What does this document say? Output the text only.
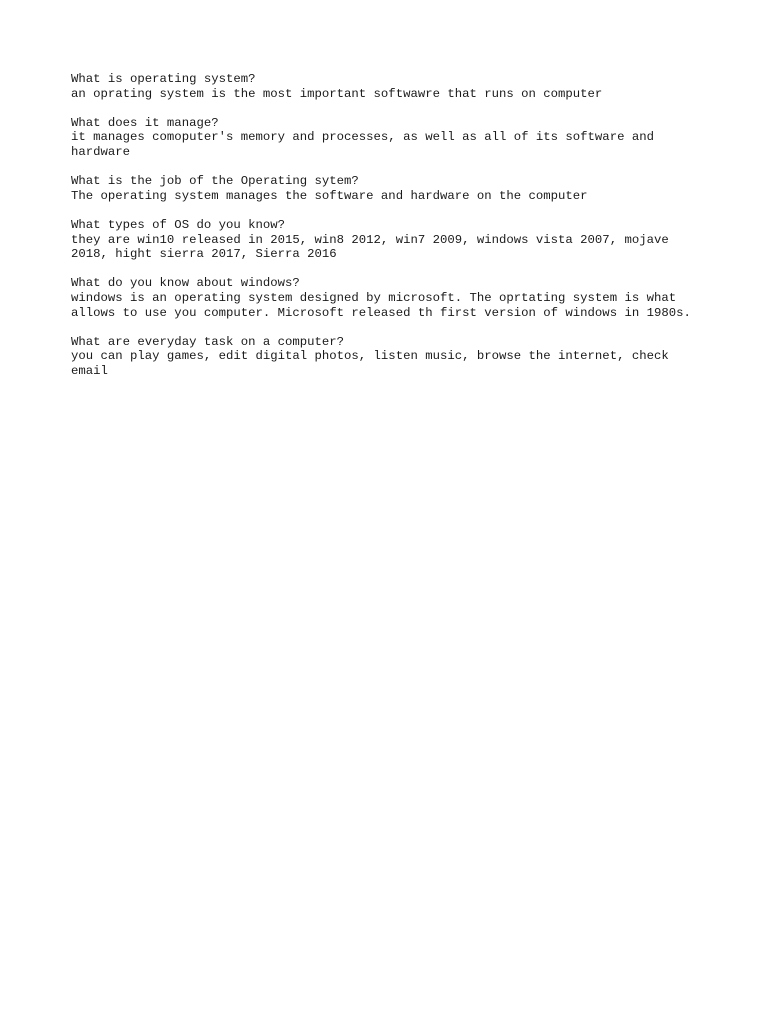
What is operating system?
an oprating system is the most important softwawre that runs on computer
What does it manage?
it manages comoputer's memory and processes, as well as all of its software and hardware
What is the job of the Operating sytem?
The operating system manages the software and hardware on the computer
What types of OS do you know?
they are win10 released in 2015, win8 2012, win7 2009, windows vista 2007, mojave 2018, hight sierra 2017, Sierra 2016
What do you know about windows?
windows is an operating system designed by microsoft. The oprtating system is what allows to use you computer. Microsoft released th first version of windows in 1980s.
What are everyday task on a computer?
you can play games, edit digital photos, listen music, browse the internet, check email
